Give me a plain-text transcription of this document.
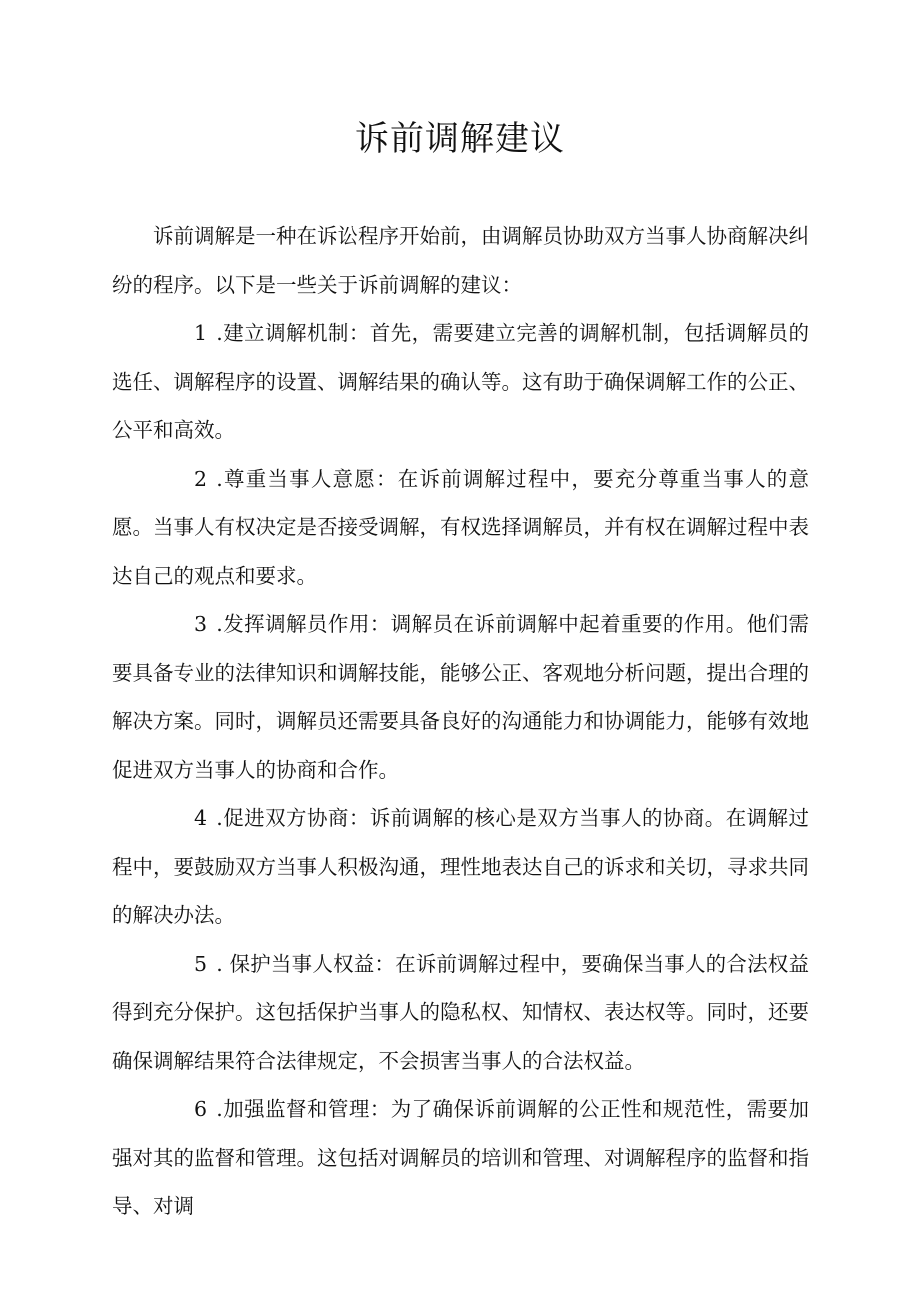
诉前调解建议

诉前调解是一种在诉讼程序开始前，由调解员协助双方当事人协商解决纠纷的程序。以下是一些关于诉前调解的建议：

1 .建立调解机制：首先，需要建立完善的调解机制，包括调解员的选任、调解程序的设置、调解结果的确认等。这有助于确保调解工作的公正、公平和高效。

2 .尊重当事人意愿：在诉前调解过程中，要充分尊重当事人的意愿。当事人有权决定是否接受调解，有权选择调解员，并有权在调解过程中表达自己的观点和要求。

3 .发挥调解员作用：调解员在诉前调解中起着重要的作用。他们需要具备专业的法律知识和调解技能，能够公正、客观地分析问题，提出合理的解决方案。同时，调解员还需要具备良好的沟通能力和协调能力，能够有效地促进双方当事人的协商和合作。

4 .促进双方协商：诉前调解的核心是双方当事人的协商。在调解过程中，要鼓励双方当事人积极沟通，理性地表达自己的诉求和关切，寻求共同的解决办法。

5 . 保护当事人权益：在诉前调解过程中，要确保当事人的合法权益得到充分保护。这包括保护当事人的隐私权、知情权、表达权等。同时，还要确保调解结果符合法律规定，不会损害当事人的合法权益。

6 .加强监督和管理：为了确保诉前调解的公正性和规范性，需要加强对其的监督和管理。这包括对调解员的培训和管理、对调解程序的监督和指导、对调
